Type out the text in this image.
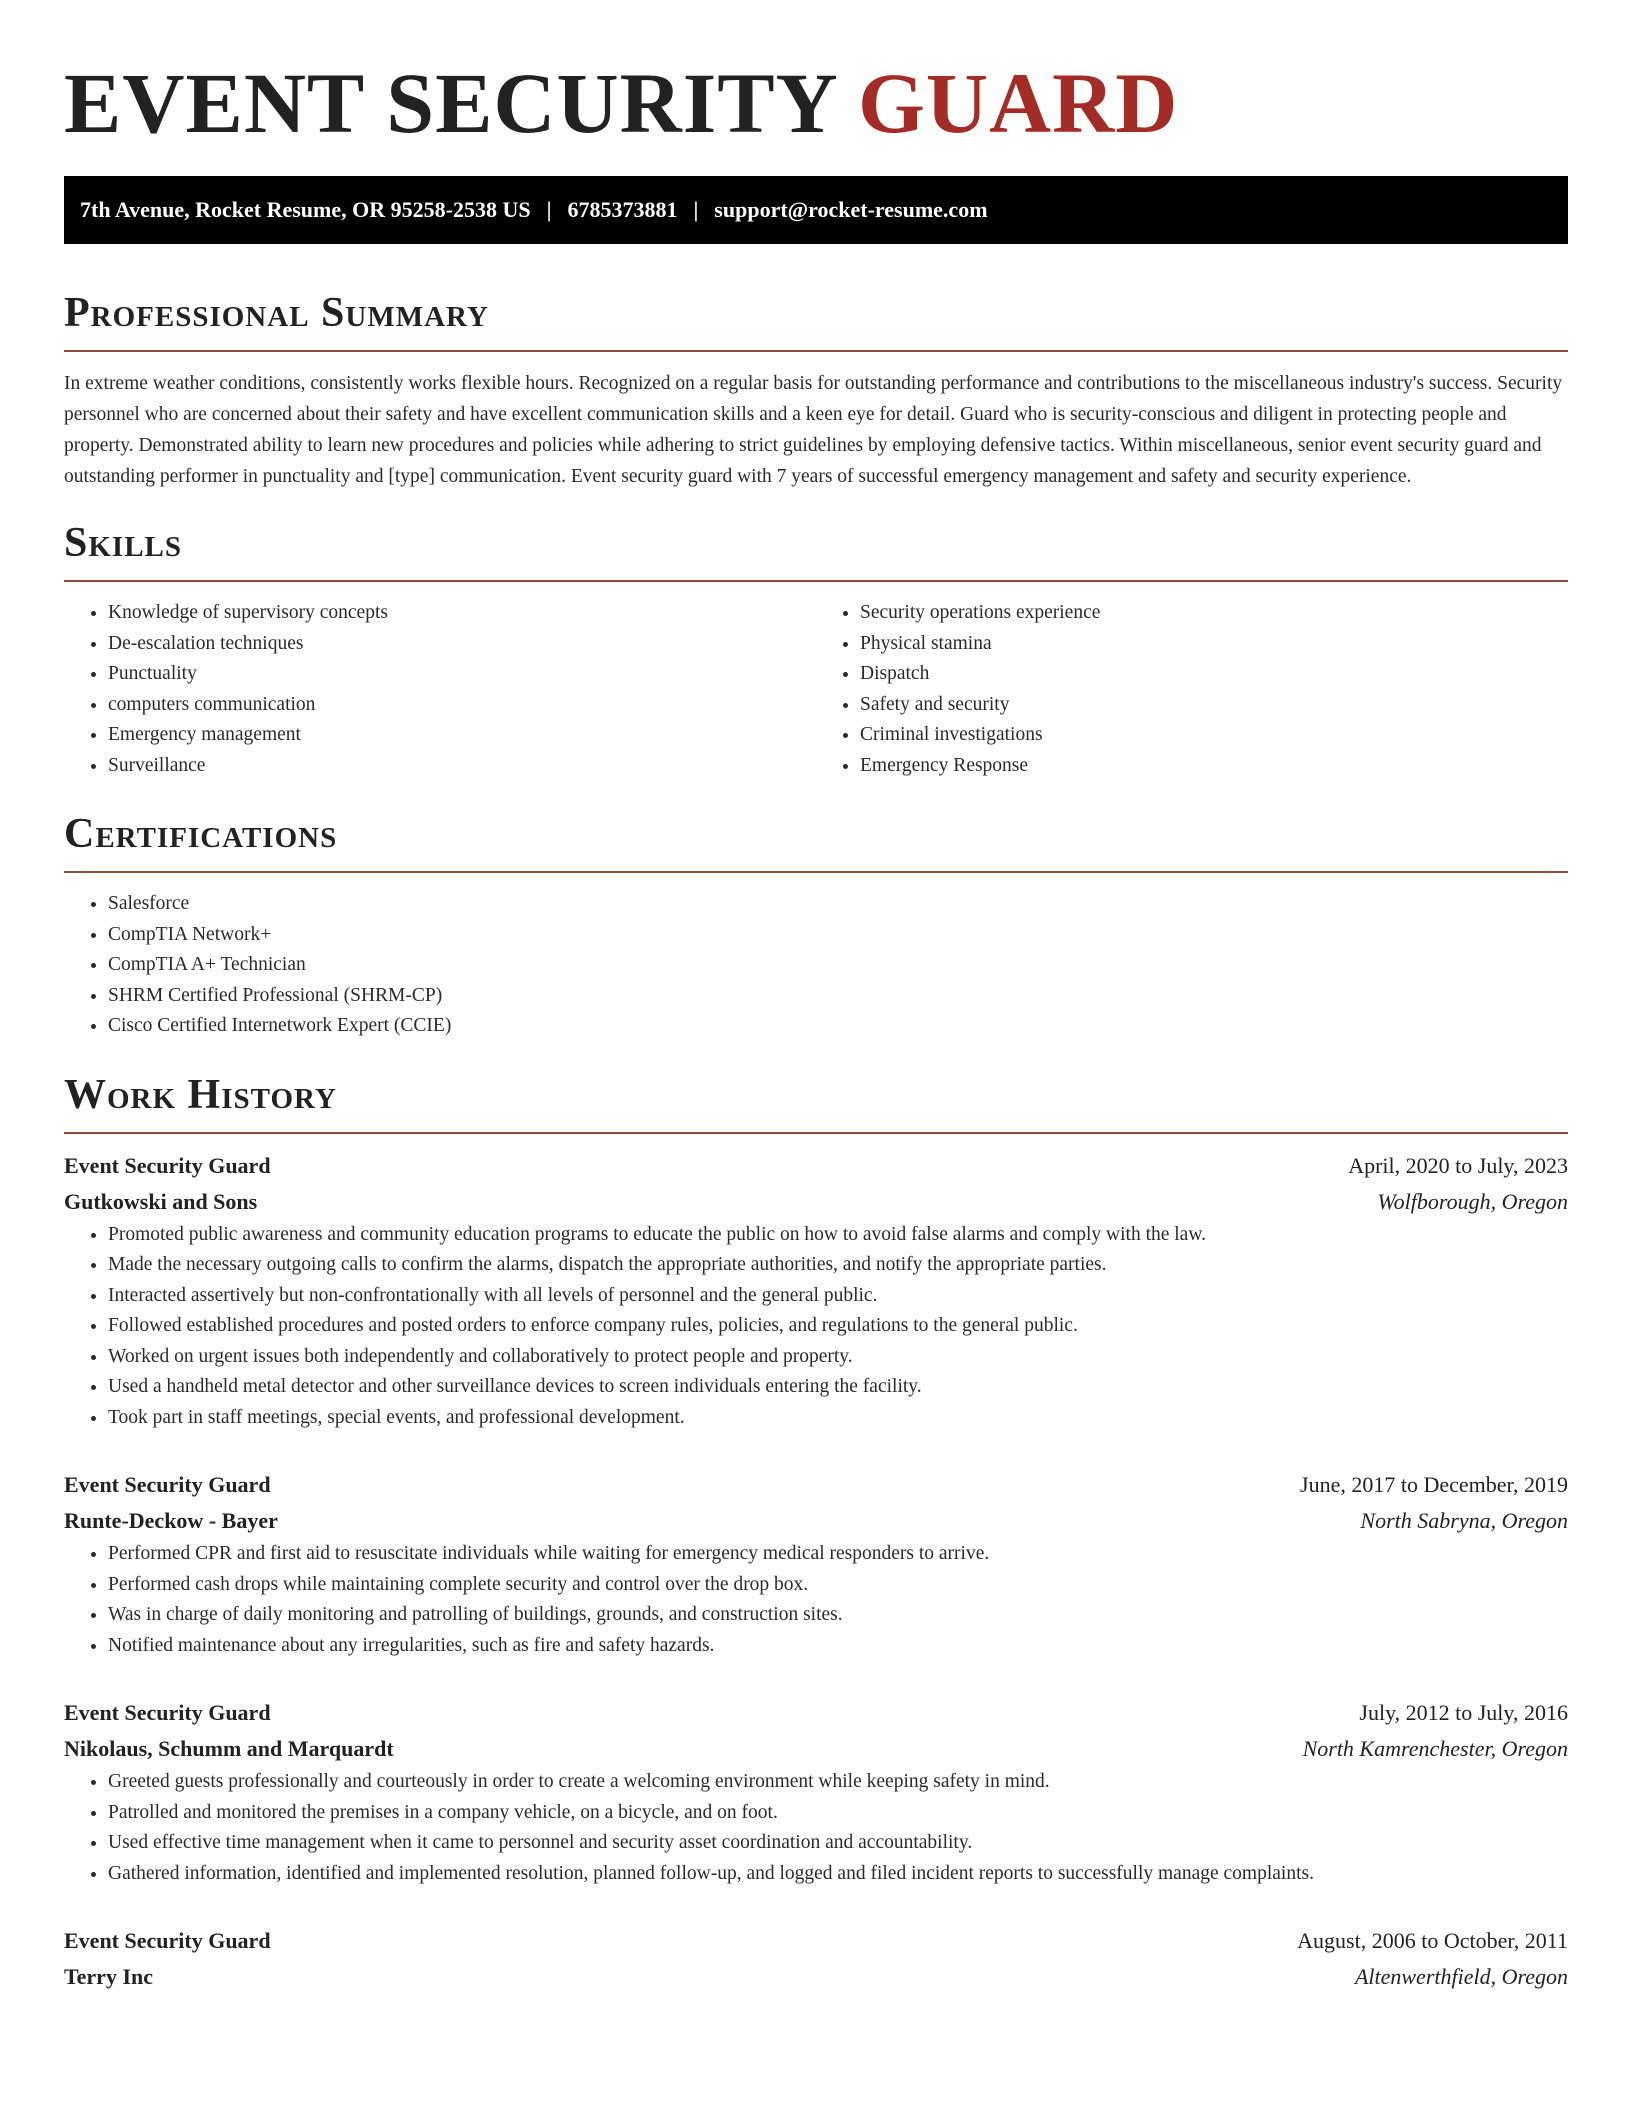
EVENT SECURITY GUARD
7th Avenue, Rocket Resume, OR 95258-2538 US | 6785373881 | support@rocket-resume.com
Professional Summary

In extreme weather conditions, consistently works flexible hours. Recognized on a regular basis for outstanding performance and contributions to the miscellaneous industry's success. Security personnel who are concerned about their safety and have excellent communication skills and a keen eye for detail. Guard who is security-conscious and diligent in protecting people and property. Demonstrated ability to learn new procedures and policies while adhering to strict guidelines by employing defensive tactics. Within miscellaneous, senior event security guard and outstanding performer in punctuality and [type] communication. Event security guard with 7 years of successful emergency management and safety and security experience.

Skills
• Knowledge of supervisory concepts
• De-escalation techniques
• Punctuality
• computers communication
• Emergency management
• Surveillance
• Security operations experience
• Physical stamina
• Dispatch
• Safety and security
• Criminal investigations
• Emergency Response
Certifications
• Salesforce
• CompTIA Network+
• CompTIA A+ Technician
• SHRM Certified Professional (SHRM-CP)
• Cisco Certified Internetwork Expert (CCIE)
Work History
Event Security Guard	April, 2020 to July, 2023
Gutkowski and Sons	Wolfborough, Oregon
• Promoted public awareness and community education programs to educate the public on how to avoid false alarms and comply with the law.
• Made the necessary outgoing calls to confirm the alarms, dispatch the appropriate authorities, and notify the appropriate parties.
• Interacted assertively but non-confrontationally with all levels of personnel and the general public.
• Followed established procedures and posted orders to enforce company rules, policies, and regulations to the general public.
• Worked on urgent issues both independently and collaboratively to protect people and property.
• Used a handheld metal detector and other surveillance devices to screen individuals entering the facility.
• Took part in staff meetings, special events, and professional development.
Event Security Guard	June, 2017 to December, 2019
Runte-Deckow - Bayer	North Sabryna, Oregon
• Performed CPR and first aid to resuscitate individuals while waiting for emergency medical responders to arrive.
• Performed cash drops while maintaining complete security and control over the drop box.
• Was in charge of daily monitoring and patrolling of buildings, grounds, and construction sites.
• Notified maintenance about any irregularities, such as fire and safety hazards.
Event Security Guard	July, 2012 to July, 2016
Nikolaus, Schumm and Marquardt	North Kamrenchester, Oregon
• Greeted guests professionally and courteously in order to create a welcoming environment while keeping safety in mind.
• Patrolled and monitored the premises in a company vehicle, on a bicycle, and on foot.
• Used effective time management when it came to personnel and security asset coordination and accountability.
• Gathered information, identified and implemented resolution, planned follow-up, and logged and filed incident reports to successfully manage complaints.
Event Security Guard	August, 2006 to October, 2011
Terry Inc	Altenwerthfield, Oregon
